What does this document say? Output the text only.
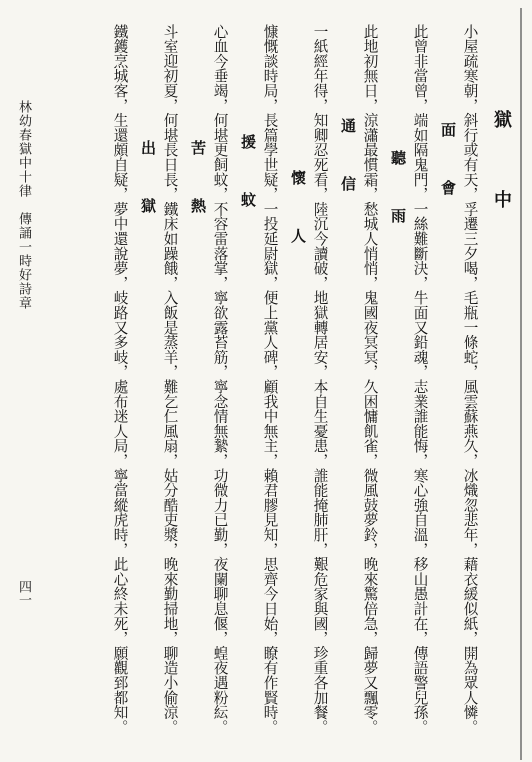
小屋疏寒朝，斜行或有天，孚遷三夕喝，毛瓶一條蛇，風雲蘇燕久，冰熾忽悲年，藉衣緩似紙，開為眾人憐。
面　會
此曾非當曾，端如隔鬼門，一絲難斷決，牛面又鉛魂，志業誰能悔，寒心強自溫，移山愚計在，傳語警兒孫。
聽　雨
此地初無日，涼瀟最慣霜，愁城人悄悄，鬼國夜冥冥，久困慵飢雀，微風鼓夢鈴，晚來驚倍急，歸夢又飄零。
通　信
一紙經年得，知卿忍死看，陸沉今讀破，地獄轉居安，本自生憂患，誰能掩肺肝，艱危家與國，珍重各加餐。
懷　人
慷慨談時局，長篇學世疑，一投延尉獄，便上黨人碑，顧我中無主，賴君膠見知，思齊今日始，瞭有作賢時。
援　蚊
心血今垂竭，何堪更飼蚊，不容雷落掌，寧欲露苔筋，寧念情無縶，功微力已勤，夜闌聊息偃，蝗夜遇粉紜。
苦　熱
斗室迎初夏，何堪長日長，鐵床如躁餓，入飯是蒸羊，難乞仁風扇，姑分酷吏漿，晚來勤掃地，聊造小偷涼。
出　獄
鐵鑊烹城客，生還頗自疑，夢中還說夢，岐路又多岐，處布迷人局，寧當縱虎時，此心終未死，願觀郅都知。	獄　中
林幼春獄中十律　傳誦一時好詩章
四一
